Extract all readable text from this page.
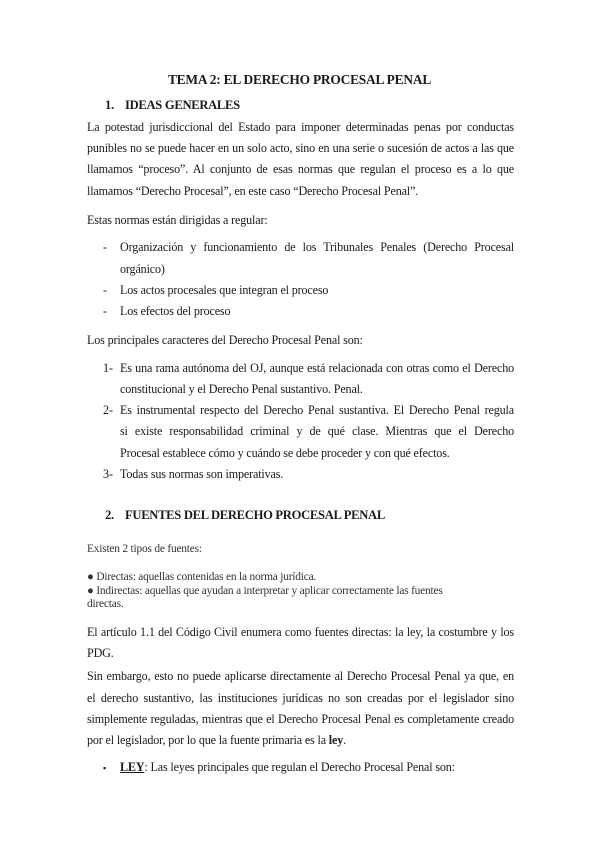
TEMA 2: EL DERECHO PROCESAL PENAL
1. IDEAS GENERALES
La potestad jurisdiccional del Estado para imponer determinadas penas por conductas
punibles no se puede hacer en un solo acto, sino en una serie o sucesión de actos a las que
llamamos “proceso”. Al conjunto de esas normas que regulan el proceso es a lo que
llamamos “Derecho Procesal”, en este caso “Derecho Procesal Penal”.
Estas normas están dirigidas a regular:
- Organización y funcionamiento de los Tribunales Penales (Derecho Procesal
orgánico)
- Los actos procesales que integran el proceso
- Los efectos del proceso
Los principales caracteres del Derecho Procesal Penal son:
1- Es una rama autónoma del OJ, aunque está relacionada con otras como el Derecho
constitucional y el Derecho Penal sustantivo. Penal.
2- Es instrumental respecto del Derecho Penal sustantiva. El Derecho Penal regula
si existe responsabilidad criminal y de qué clase. Mientras que el Derecho
Procesal establece cómo y cuándo se debe proceder y con qué efectos.
3- Todas sus normas son imperativas.
2. FUENTES DEL DERECHO PROCESAL PENAL
Existen 2 tipos de fuentes:
● Directas: aquellas contenidas en la norma jurídica.
● Indirectas: aquellas que ayudan a interpretar y aplicar correctamente las fuentes
directas.
El artículo 1.1 del Código Civil enumera como fuentes directas: la ley, la costumbre y los
PDG.
Sin embargo, esto no puede aplicarse directamente al Derecho Procesal Penal ya que, en
el derecho sustantivo, las instituciones jurídicas no son creadas por el legislador sino
simplemente reguladas, mientras que el Derecho Procesal Penal es completamente creado
por el legislador, por lo que la fuente primaria es la ley.
▪ LEY: Las leyes principales que regulan el Derecho Procesal Penal son:
